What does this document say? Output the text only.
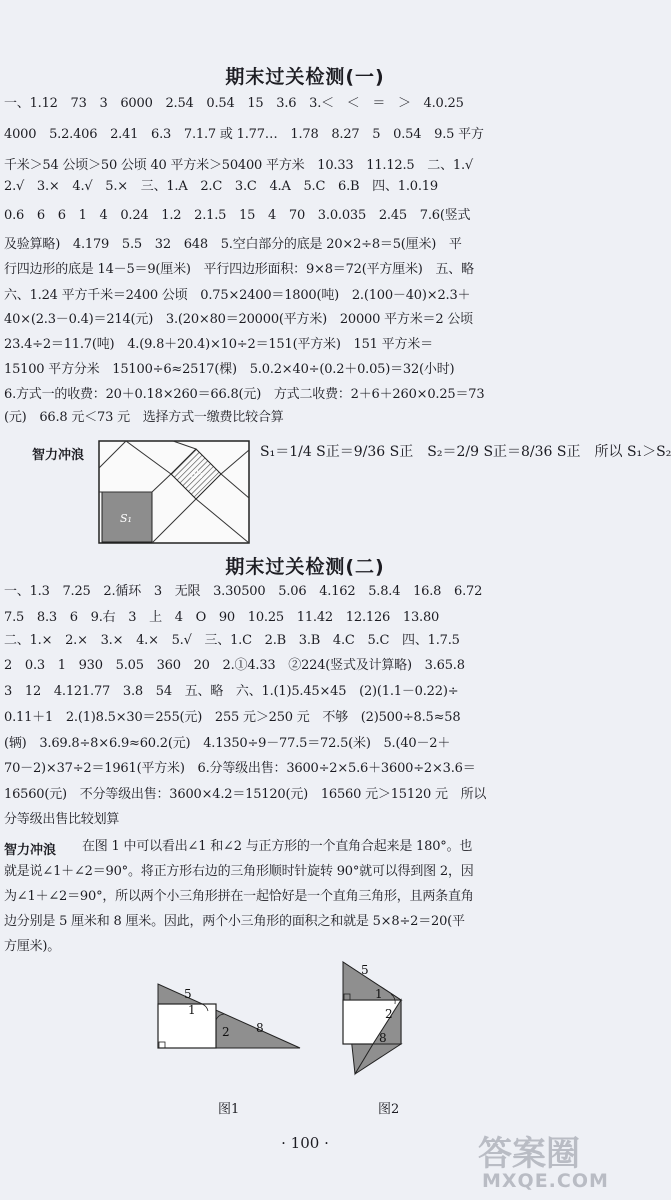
期末过关检测(一)
一、1.12　73　3　6000　2.54　0.54　15　3.6　3.＜　＜　＝　＞　4.0.25
4000　5.2.406　2.41　6.3　7.1.7 或 1.77…　1.78　8.27　5　0.54　9.5 平方
千米＞54 公顷＞50 公顷 40 平方米＞50400 平方米　10.33　11.12.5　二、1.√
2.√　3.×　4.√　5.×　三、1.A　2.C　3.C　4.A　5.C　6.B　四、1.0.19
0.6　6　6　1　4　0.24　1.2　2.1.5　15　4　70　3.0.035　2.45　7.6(竖式
及验算略)　4.179　5.5　32　648　5.空白部分的底是 20×2÷8＝5(厘米)　平
行四边形的底是 14－5＝9(厘米)　平行四边形面积：9×8＝72(平方厘米)　五、略
六、1.24 平方千米＝2400 公顷　0.75×2400＝1800(吨)　2.(100－40)×2.3＋
40×(2.3－0.4)＝214(元)　3.(20×80＝20000(平方米)　20000 平方米＝2 公顷
23.4÷2＝11.7(吨)　4.(9.8＋20.4)×10÷2＝151(平方米)　151 平方米＝
15100 平方分米　15100÷6≈2517(棵)　5.0.2×40÷(0.2＋0.05)＝32(小时)
6.方式一的收费：20＋0.18×260＝66.8(元)　方式二收费：2＋6＋260×0.25＝73
(元)　66.8 元＜73 元　选择方式一缴费比较合算
智力冲浪
S₂
S₁
S₁＝1/4 S正＝9/36 S正　S₂＝2/9 S正＝8/36 S正　所以 S₁＞S₂
期末过关检测(二)
一、1.3　7.25　2.循环　3　无限　3.30500　5.06　4.162　5.8.4　16.8　6.72
7.5　8.3　6　9.右　3　上　4　O　90　10.25　11.42　12.126　13.80
二、1.×　2.×　3.×　4.×　5.√　三、1.C　2.B　3.B　4.C　5.C　四、1.7.5
2　0.3　1　930　5.05　360　20　2.①4.33　②224(竖式及计算略)　3.65.8
3　12　4.121.77　3.8　54　五、略　六、1.(1)5.45×45　(2)(1.1－0.22)÷
0.11＋1　2.(1)8.5×30＝255(元)　255 元＞250 元　不够　(2)500÷8.5≈58
(辆)　3.69.8÷8×6.9≈60.2(元)　4.1350÷9－77.5＝72.5(米)　5.(40－2＋
70－2)×37÷2＝1961(平方米)　6.分等级出售：3600÷2×5.6＋3600÷2×3.6＝
16560(元)　不分等级出售：3600×4.2＝15120(元)　16560 元＞15120 元　所以
分等级出售比较划算
智力冲浪 在图 1 中可以看出∠1 和∠2 与正方形的一个直角合起来是 180°。也
就是说∠1＋∠2＝90°。将正方形右边的三角形顺时针旋转 90°就可以得到图 2，因
为∠1＋∠2＝90°，所以两个小三角形拼在一起恰好是一个直角三角形，且两条直角
边分别是 5 厘米和 8 厘米。因此，两个小三角形的面积之和就是 5×8÷2＝20(平
方厘米)。
5
1
2 8
图1
5
1
2
8
图2
· 100 ·	答案圈
MXQE.COM
